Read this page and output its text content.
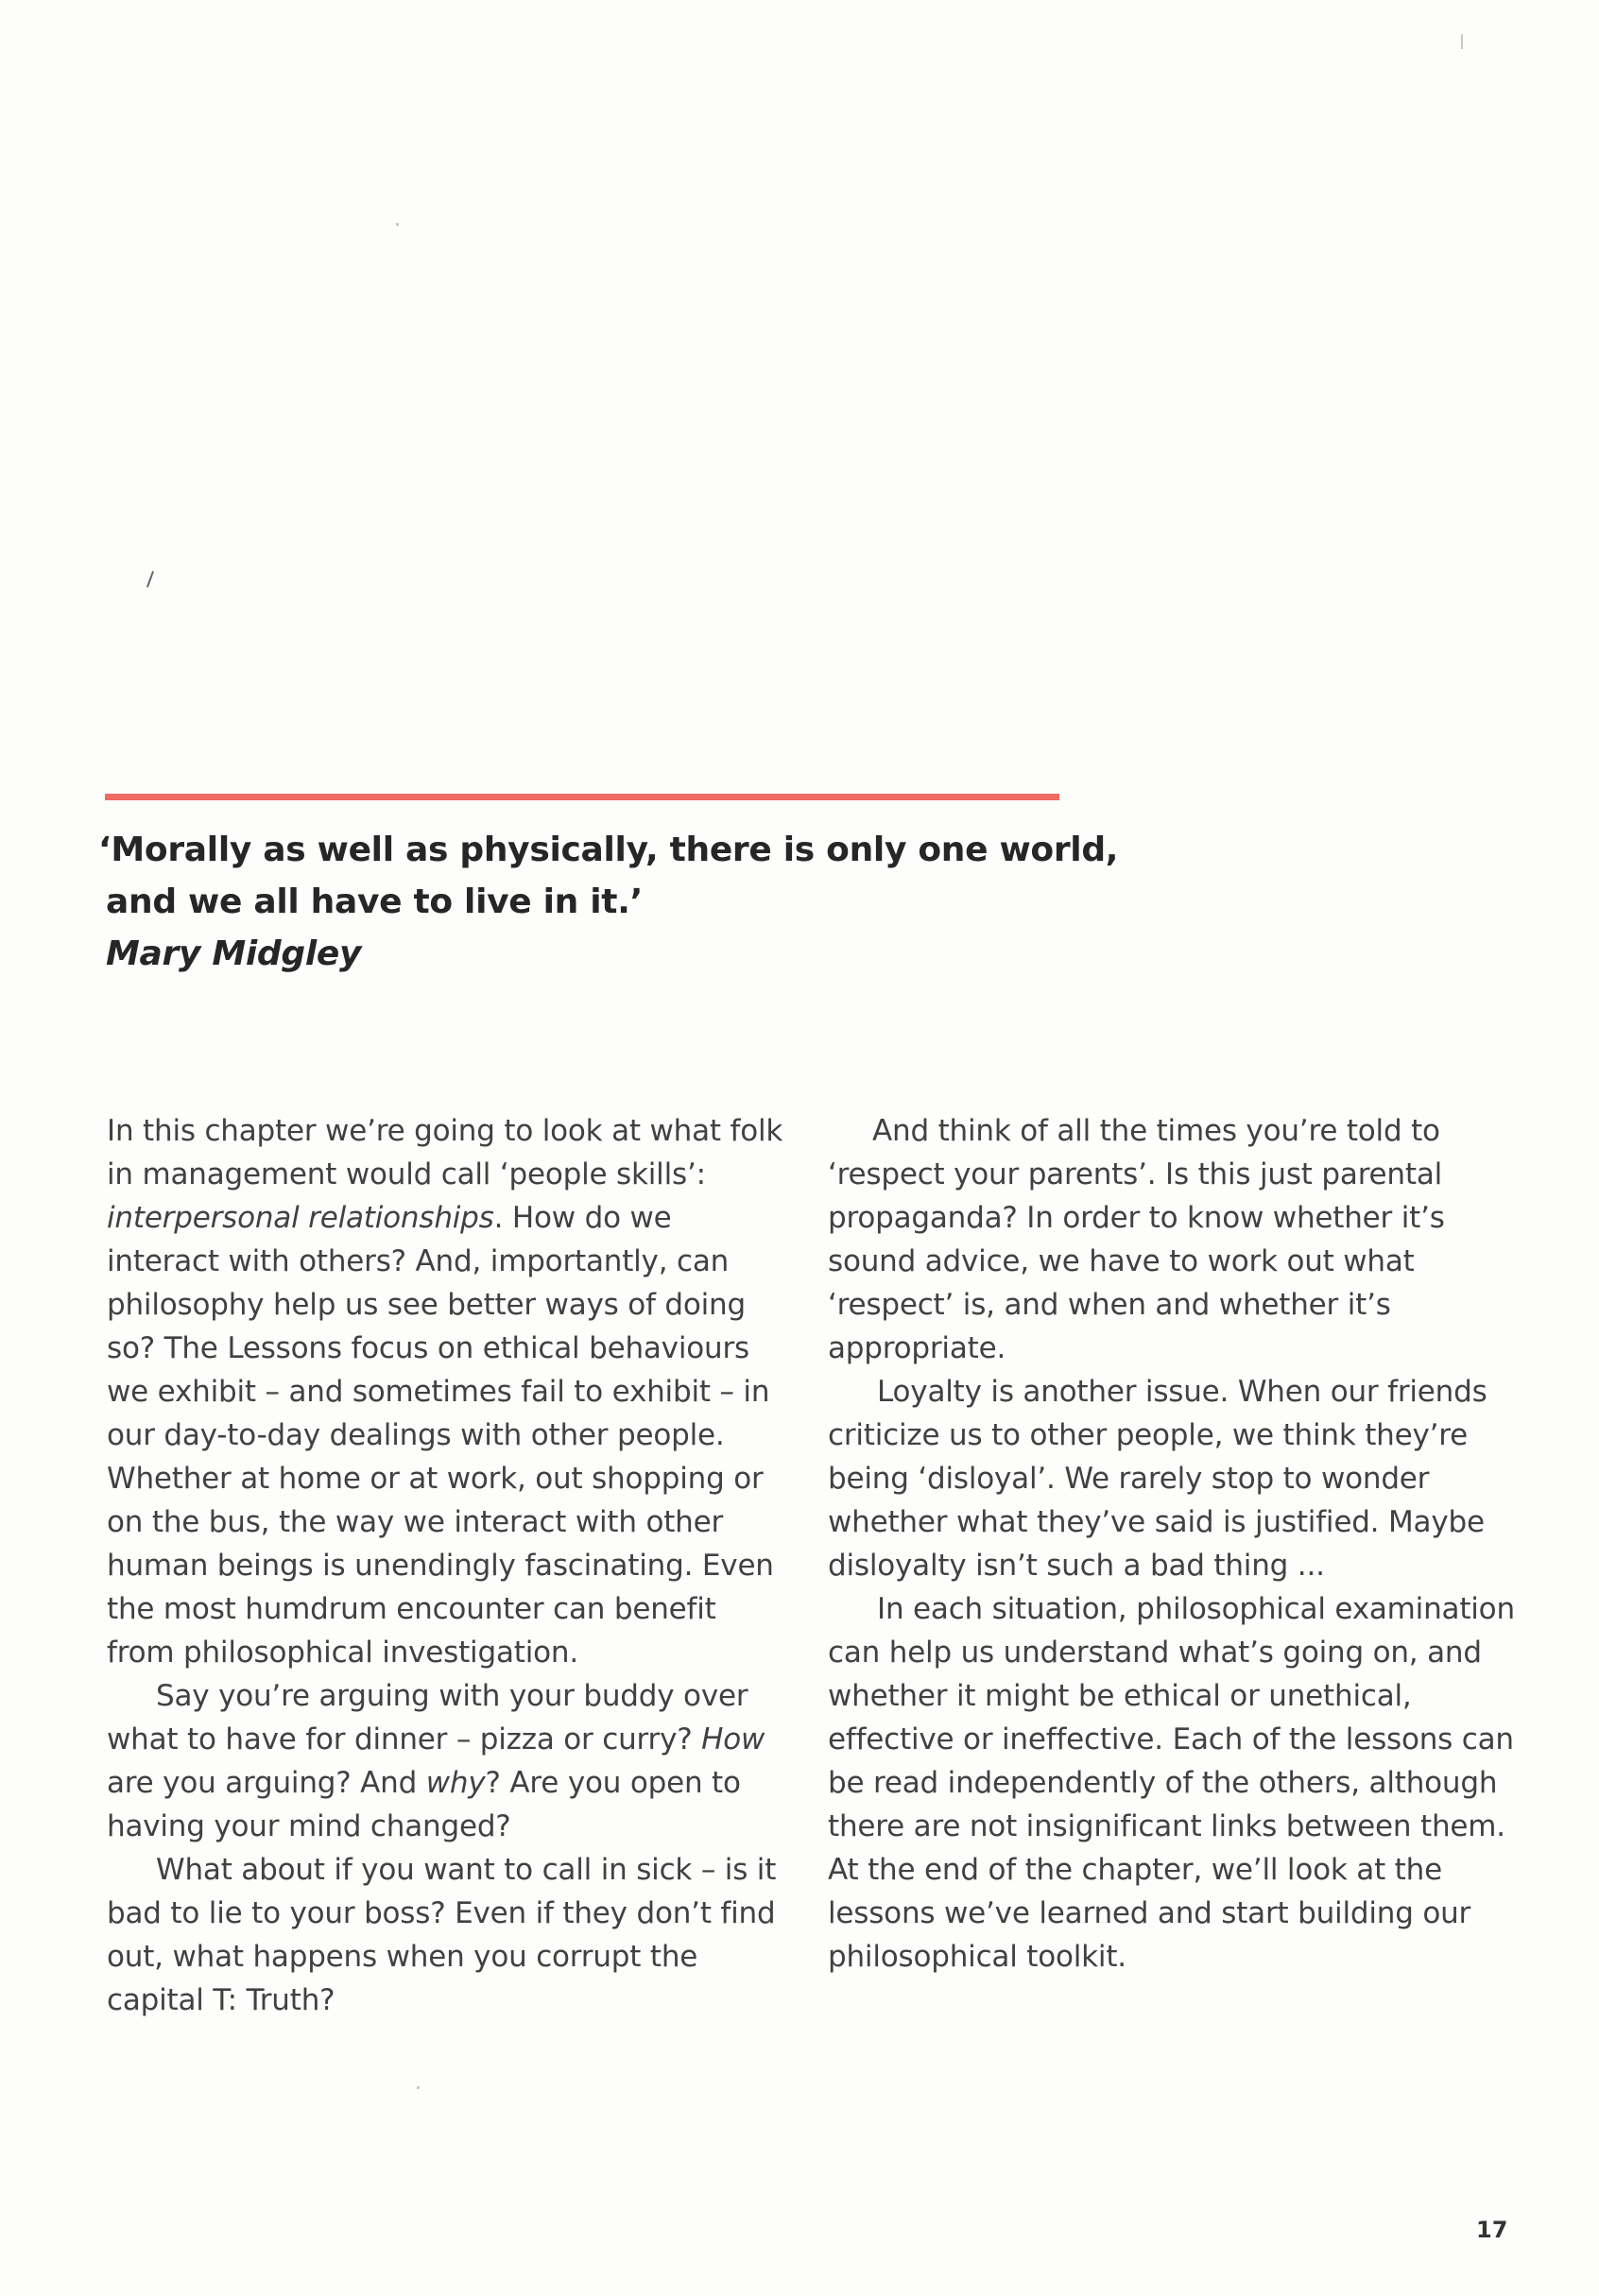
‘Morally as well as physically, there is only one world,
and we all have to live in it.’
Mary Midgley

In this chapter we’re going to look at what folk in management would call ‘people skills’: interpersonal relationships. How do we interact with others? And, importantly, can philosophy help us see better ways of doing so? The Lessons focus on ethical behaviours we exhibit – and sometimes fail to exhibit – in our day-to-day dealings with other people. Whether at home or at work, out shopping or on the bus, the way we interact with other human beings is unendingly fascinating. Even the most humdrum encounter can benefit from philosophical investigation.

Say you’re arguing with your buddy over what to have for dinner – pizza or curry? How are you arguing? And why? Are you open to having your mind changed?

What about if you want to call in sick – is it bad to lie to your boss? Even if they don’t find out, what happens when you corrupt the capital T: Truth?

And think of all the times you’re told to ‘respect your parents’. Is this just parental propaganda? In order to know whether it’s sound advice, we have to work out what ‘respect’ is, and when and whether it’s appropriate.

Loyalty is another issue. When our friends criticize us to other people, we think they’re being ‘disloyal’. We rarely stop to wonder whether what they’ve said is justified. Maybe disloyalty isn’t such a bad thing ...

In each situation, philosophical examination can help us understand what’s going on, and whether it might be ethical or unethical, effective or ineffective. Each of the lessons can be read independently of the others, although there are not insignificant links between them. At the end of the chapter, we’ll look at the lessons we’ve learned and start building our philosophical toolkit.

17
